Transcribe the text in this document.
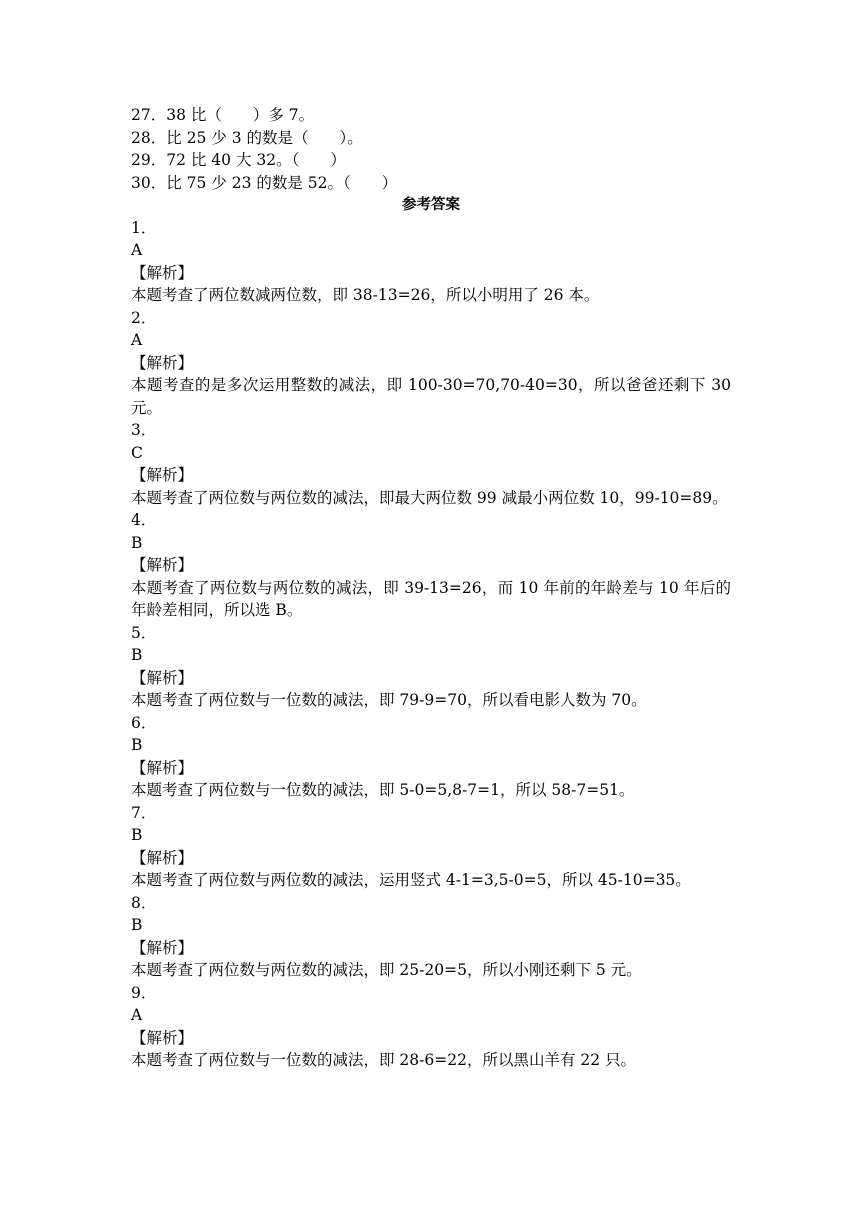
27．38 比（　　）多 7。
28．比 25 少 3 的数是（　　）。
29．72 比 40 大 32。（　　）
30．比 75 少 23 的数是 52。（　　）
参考答案
1．
A
【解析】
本题考查了两位数减两位数，即 38-13=26，所以小明用了 26 本。
2．
A
【解析】
本题考查的是多次运用整数的减法，即 100-30=70,70-40=30，所以爸爸还剩下 30 元。
3．
C
【解析】
本题考查了两位数与两位数的减法，即最大两位数 99 减最小两位数 10，99-10=89。
4．
B
【解析】
本题考查了两位数与两位数的减法，即 39-13=26，而 10 年前的年龄差与 10 年后的年龄差相同，所以选 B。
5．
B
【解析】
本题考查了两位数与一位数的减法，即 79-9=70，所以看电影人数为 70。
6．
B
【解析】
本题考查了两位数与一位数的减法，即 5-0=5,8-7=1，所以 58-7=51。
7．
B
【解析】
本题考查了两位数与两位数的减法，运用竖式 4-1=3,5-0=5，所以 45-10=35。
8．
B
【解析】
本题考查了两位数与两位数的减法，即 25-20=5，所以小刚还剩下 5 元。
9．
A
【解析】
本题考查了两位数与一位数的减法，即 28-6=22，所以黑山羊有 22 只。
